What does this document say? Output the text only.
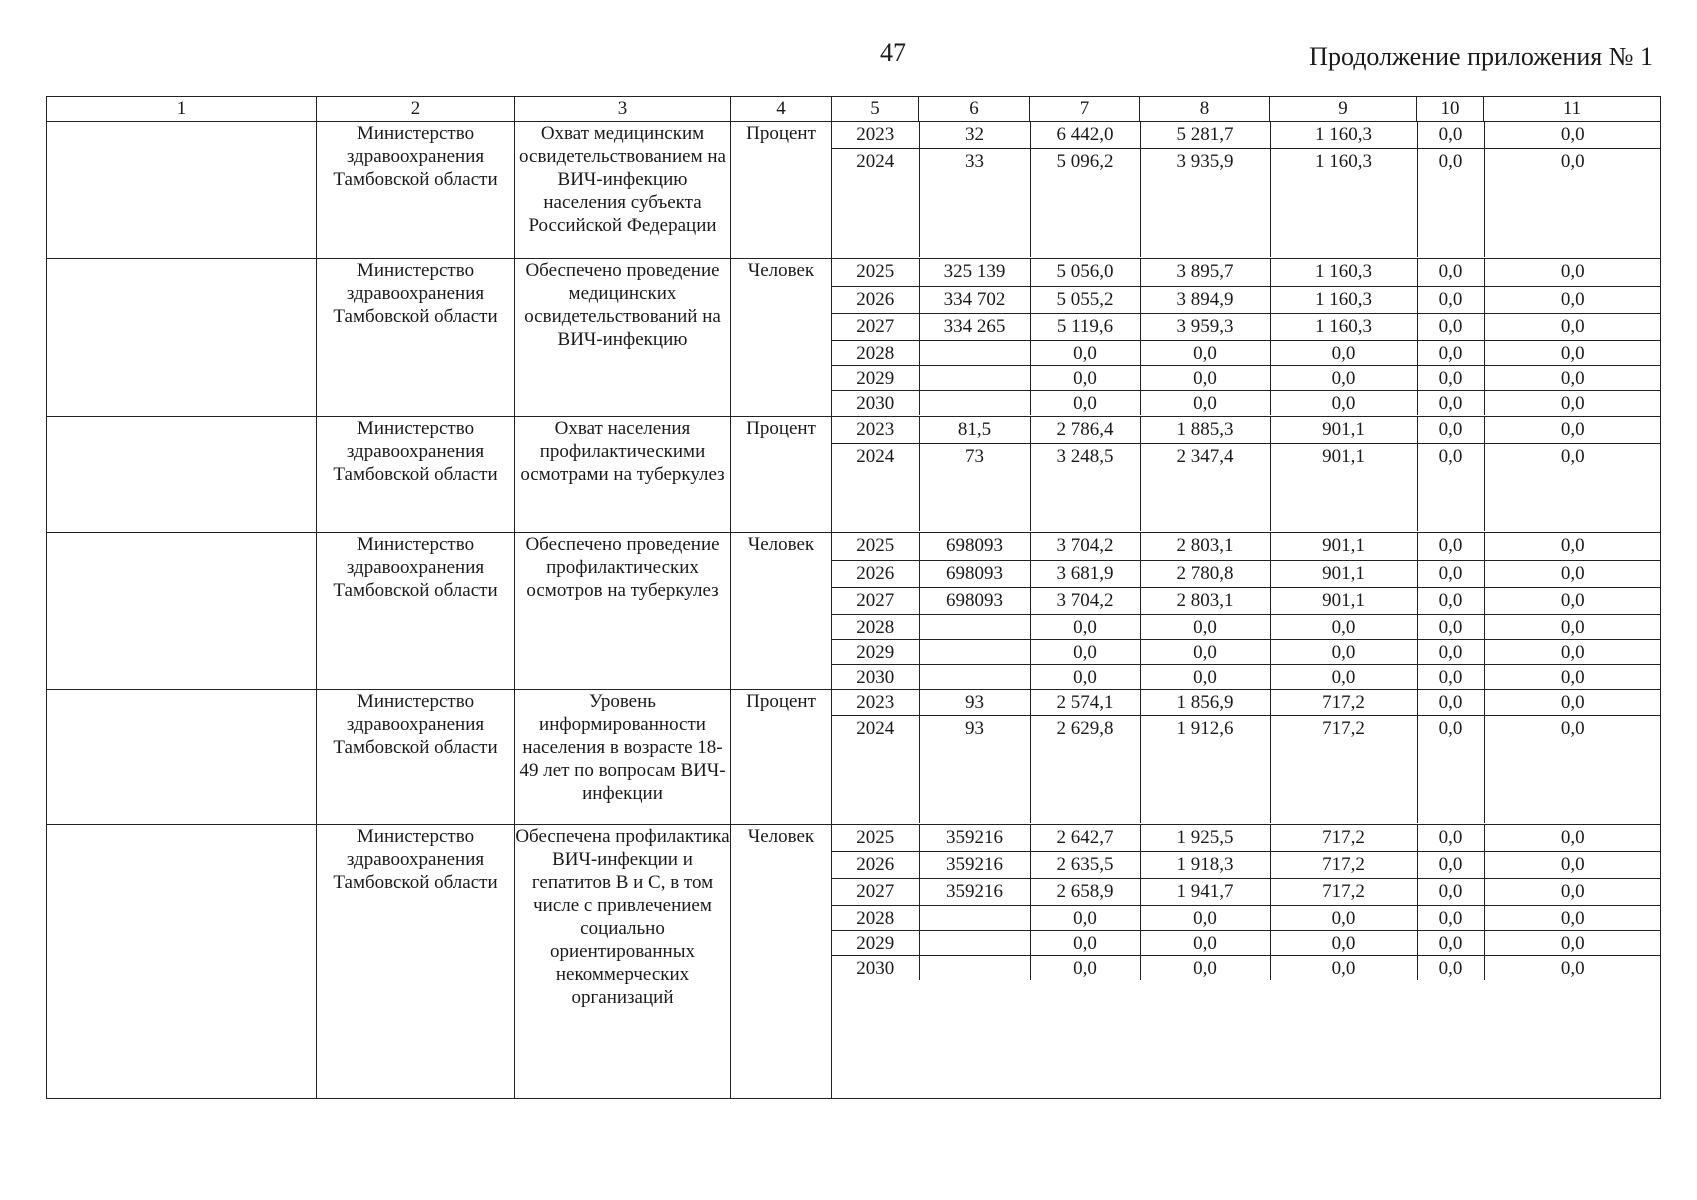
47	Продолжение приложения № 1
1	2	3	4	5	6	7	8	9	10	11
	Министерство здравоохранения Тамбовской области	Охват медицинским освидетельствованием на ВИЧ-инфекцию населения субъекта Российской Федерации	Процент	2023	32	6 442,0	5 281,7	1 160,3	0,0	0,0
2024	33	5 096,2	3 935,9	1 160,3	0,0	0,0

	Министерство здравоохранения Тамбовской области	Обеспечено проведение медицинских освидетельствований на ВИЧ-инфекцию	Человек	2025	325 139	5 056,0	3 895,7	1 160,3	0,0	0,0
2026	334 702	5 055,2	3 894,9	1 160,3	0,0	0,0
2027	334 265	5 119,6	3 959,3	1 160,3	0,0	0,0
2028		0,0	0,0	0,0	0,0	0,0
2029		0,0	0,0	0,0	0,0	0,0
2030		0,0	0,0	0,0	0,0	0,0

	Министерство здравоохранения Тамбовской области	Охват населения профилактическими осмотрами на туберкулез	Процент	2023	81,5	2 786,4	1 885,3	901,1	0,0	0,0
2024	73	3 248,5	2 347,4	901,1	0,0	0,0

	Министерство здравоохранения Тамбовской области	Обеспечено проведение профилактических осмотров на туберкулез	Человек	2025	698093	3 704,2	2 803,1	901,1	0,0	0,0
2026	698093	3 681,9	2 780,8	901,1	0,0	0,0
2027	698093	3 704,2	2 803,1	901,1	0,0	0,0
2028		0,0	0,0	0,0	0,0	0,0
2029		0,0	0,0	0,0	0,0	0,0
2030		0,0	0,0	0,0	0,0	0,0

	Министерство здравоохранения Тамбовской области	Уровень информированности населения в возрасте 18-49 лет по вопросам ВИЧ-инфекции	Процент	2023	93	2 574,1	1 856,9	717,2	0,0	0,0
2024	93	2 629,8	1 912,6	717,2	0,0	0,0

	Министерство здравоохранения Тамбовской области	Обеспечена профилактика ВИЧ-инфекции и гепатитов В и С, в том числе с привлечением социально ориентированных некоммерческих организаций	Человек	2025	359216	2 642,7	1 925,5	717,2	0,0	0,0
2026	359216	2 635,5	1 918,3	717,2	0,0	0,0
2027	359216	2 658,9	1 941,7	717,2	0,0	0,0
2028		0,0	0,0	0,0	0,0	0,0
2029		0,0	0,0	0,0	0,0	0,0
2030		0,0	0,0	0,0	0,0	0,0
